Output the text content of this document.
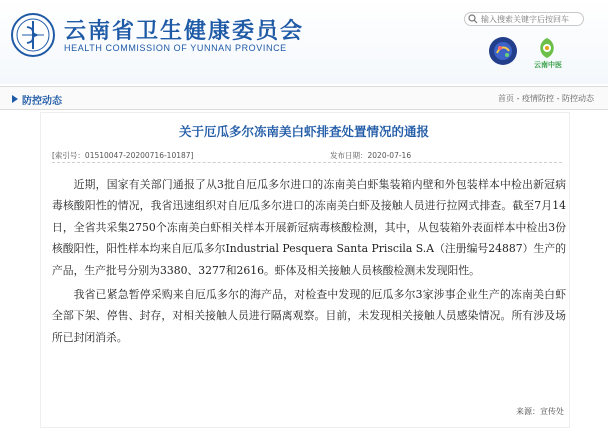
云南省卫生健康委员会
HEALTH COMMISSION OF YUNNAN PROVINCE
输入搜索关键字后按回车
云南中医
防控动态	首页 - 疫情防控 - 防控动态
关于厄瓜多尔冻南美白虾排查处置情况的通报
[索引号：01510047-20200716-10187]	发布日期：2020-07-16

近期，国家有关部门通报了从3批自厄瓜多尔进口的冻南美白虾集装箱内壁和外包装样本中检出新冠病毒核酸阳性的情况，我省迅速组织对自厄瓜多尔进口的冻南美白虾及接触人员进行拉网式排查。截至7月14日，全省共采集2750个冻南美白虾相关样本开展新冠病毒核酸检测，其中，从包装箱外表面样本中检出3份核酸阳性，阳性样本均来自厄瓜多尔Industrial Pesquera Santa Priscila S.A（注册编号24887）生产的产品，生产批号分别为3380、3277和2616。虾体及相关接触人员核酸检测未发现阳性。

我省已紧急暂停采购来自厄瓜多尔的海产品，对检查中发现的厄瓜多尔3家涉事企业生产的冻南美白虾全部下架、停售、封存，对相关接触人员进行隔离观察。目前，未发现相关接触人员感染情况。所有涉及场所已封闭消杀。

来源：宣传处
